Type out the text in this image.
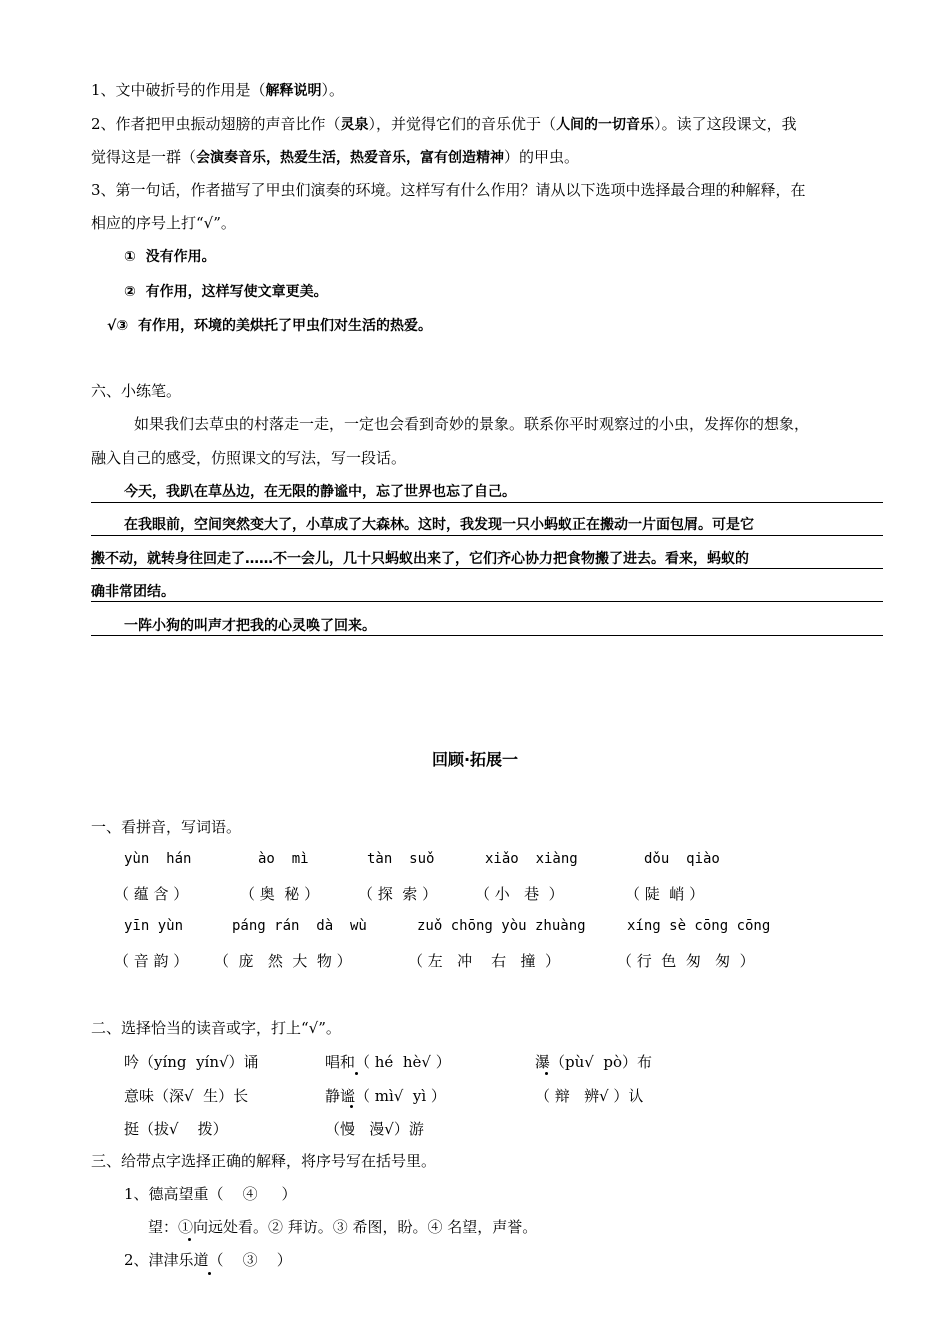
1、文中破折号的作用是（解释说明）。
2、作者把甲虫振动翅膀的声音比作（灵泉），并觉得它们的音乐优于（人间的一切音乐）。读了这段课文，我
觉得这是一群（会演奏音乐，热爱生活，热爱音乐，富有创造精神）的甲虫。
3、第一句话，作者描写了甲虫们演奏的环境。这样写有什么作用？请从以下选项中选择最合理的种解释，在
相应的序号上打“√”。
①  没有作用。
②  有作用，这样写使文章更美。
√③  有作用，环境的美烘托了甲虫们对生活的热爱。
六、小练笔。
如果我们去草虫的村落走一走，一定也会看到奇妙的景象。联系你平时观察过的小虫，发挥你的想象，
融入自己的感受，仿照课文的写法，写一段话。
今天，我趴在草丛边，在无限的静谧中，忘了世界也忘了自己。
在我眼前，空间突然变大了，小草成了大森林。这时，我发现一只小蚂蚁正在搬动一片面包屑。可是它
搬不动，就转身往回走了……不一会儿，几十只蚂蚁出来了，它们齐心协力把食物搬了进去。看来，蚂蚁的
确非常团结。
一阵小狗的叫声才把我的心灵唤了回来。
回顾·拓展一
一、看拼音，写词语。
yùn  hán	ào  mì	tàn  suǒ	xiǎo  xiàng	dǒu  qiào
（ 蕴 含 ）	（ 奥  秘 ）	（ 探  索 ）	（ 小   巷  ）	（ 陡  峭 ）
yīn yùn	páng rán  dà  wù	zuǒ chōng yòu zhuàng	xíng sè cōng cōng
（ 音 韵 ） （  庞   然  大  物 ）	（ 左   冲    右   撞  ）	（ 行  色  匆   匆  ）
二、选择恰当的读音或字，打上“√”。
吟（yíng  yín√）诵	唱和（ hé  hè√ ）	瀑（pù√  pò）布
意味（深√  生）长	静谧（ mì√  yì ）	（ 辩   辨√ ）认
挺（拔√    拨）	（慢   漫√）游
三、给带点字选择正确的解释，将序号写在括号里。
1、德高望重（    ④     ）
望：①向远处看。② 拜访。③ 希图，盼。④ 名望，声誉。
2、津津乐道（    ③    ）
